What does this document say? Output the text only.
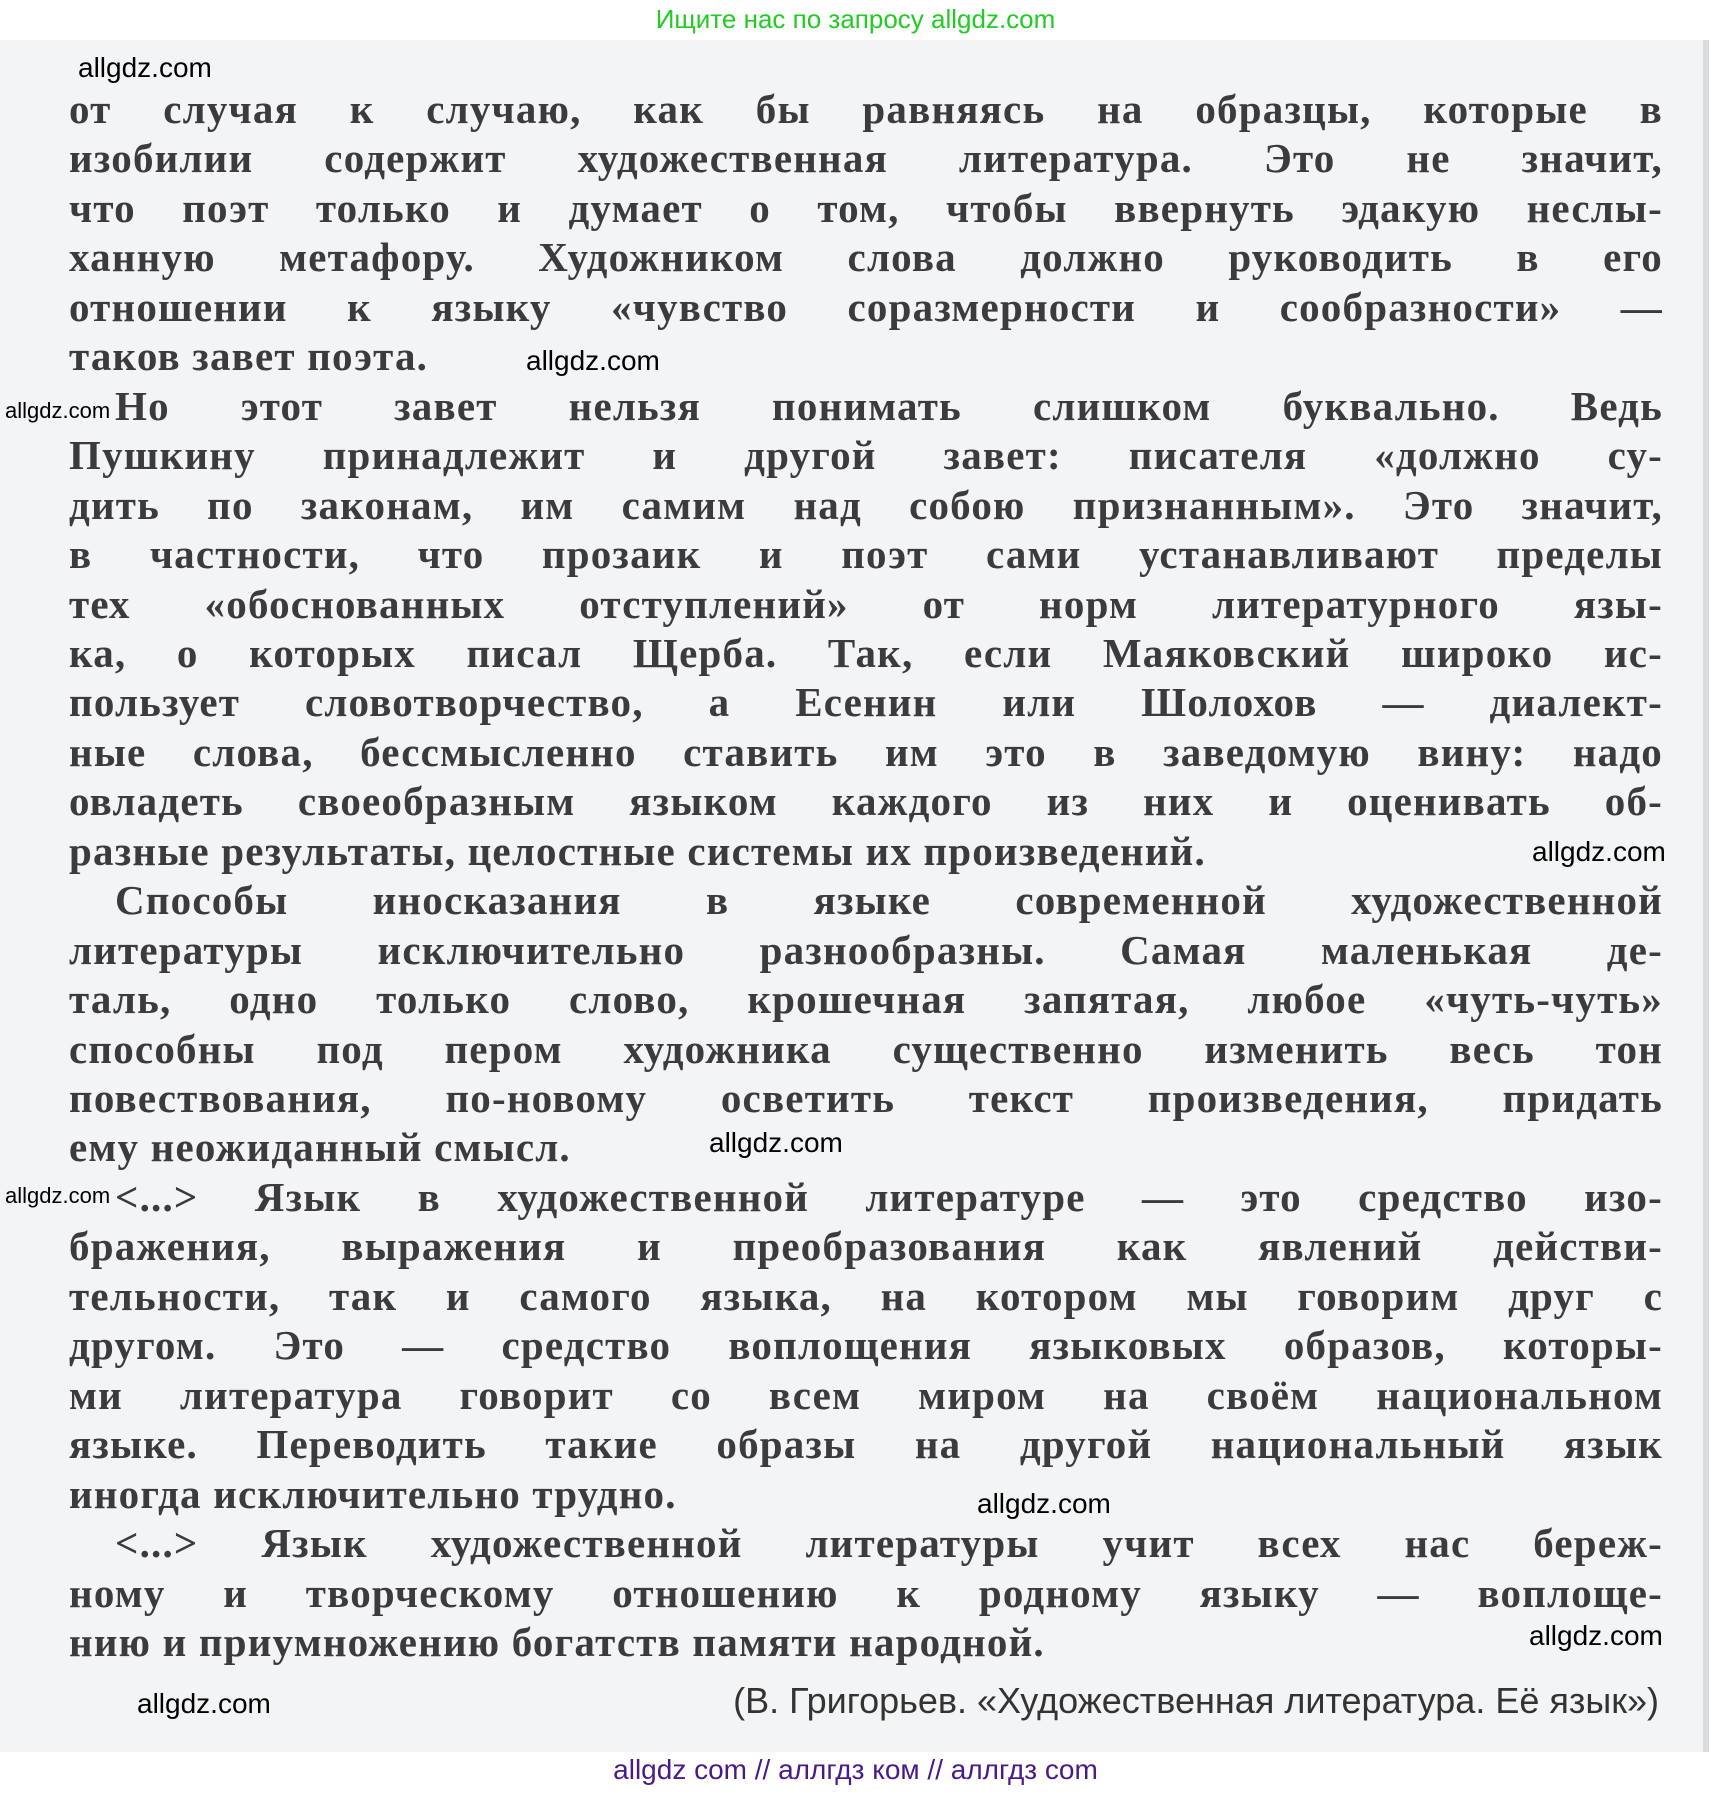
Ищите нас по запросу allgdz.com
от случая к случаю, как бы равняясь на образцы, которые в
изобилии содержит художественная литература. Это не значит,
что поэт только и думает о том, чтобы ввернуть эдакую неслы-
ханную метафору. Художником слова должно руководить в его
отношении к языку «чувство соразмерности и сообразности» —
таков завет поэта.
Но этот завет нельзя понимать слишком буквально. Ведь
Пушкину принадлежит и другой завет: писателя «должно су-
дить по законам, им самим над собою признанным». Это значит,
в частности, что прозаик и поэт сами устанавливают пределы
тех «обоснованных отступлений» от норм литературного язы-
ка, о которых писал Щерба. Так, если Маяковский широко ис-
пользует словотворчество, а Есенин или Шолохов — диалект-
ные слова, бессмысленно ставить им это в заведомую вину: надо
овладеть своеобразным языком каждого из них и оценивать об-
разные результаты, целостные системы их произведений.
Способы иносказания в языке современной художественной
литературы исключительно разнообразны. Самая маленькая де-
таль, одно только слово, крошечная запятая, любое «чуть-чуть»
способны под пером художника существенно изменить весь тон
повествования, по-новому осветить текст произведения, придать
ему неожиданный смысл.
<...> Язык в художественной литературе — это средство изо-
бражения, выражения и преобразования как явлений действи-
тельности, так и самого языка, на котором мы говорим друг с
другом. Это — средство воплощения языковых образов, которы-
ми литература говорит со всем миром на своём национальном
языке. Переводить такие образы на другой национальный язык
иногда исключительно трудно.
<...> Язык художественной литературы учит всех нас береж-
ному и творческому отношению к родному языку — воплоще-
нию и приумножению богатств памяти народной.
(В. Григорьев. «Художественная литература. Её язык»)
allgdz.com
allgdz.com
allgdz.com
allgdz.com
allgdz.com
allgdz.com
allgdz.com
allgdz.com
allgdz.com
allgdz com // аллгдз ком // аллгдз com
